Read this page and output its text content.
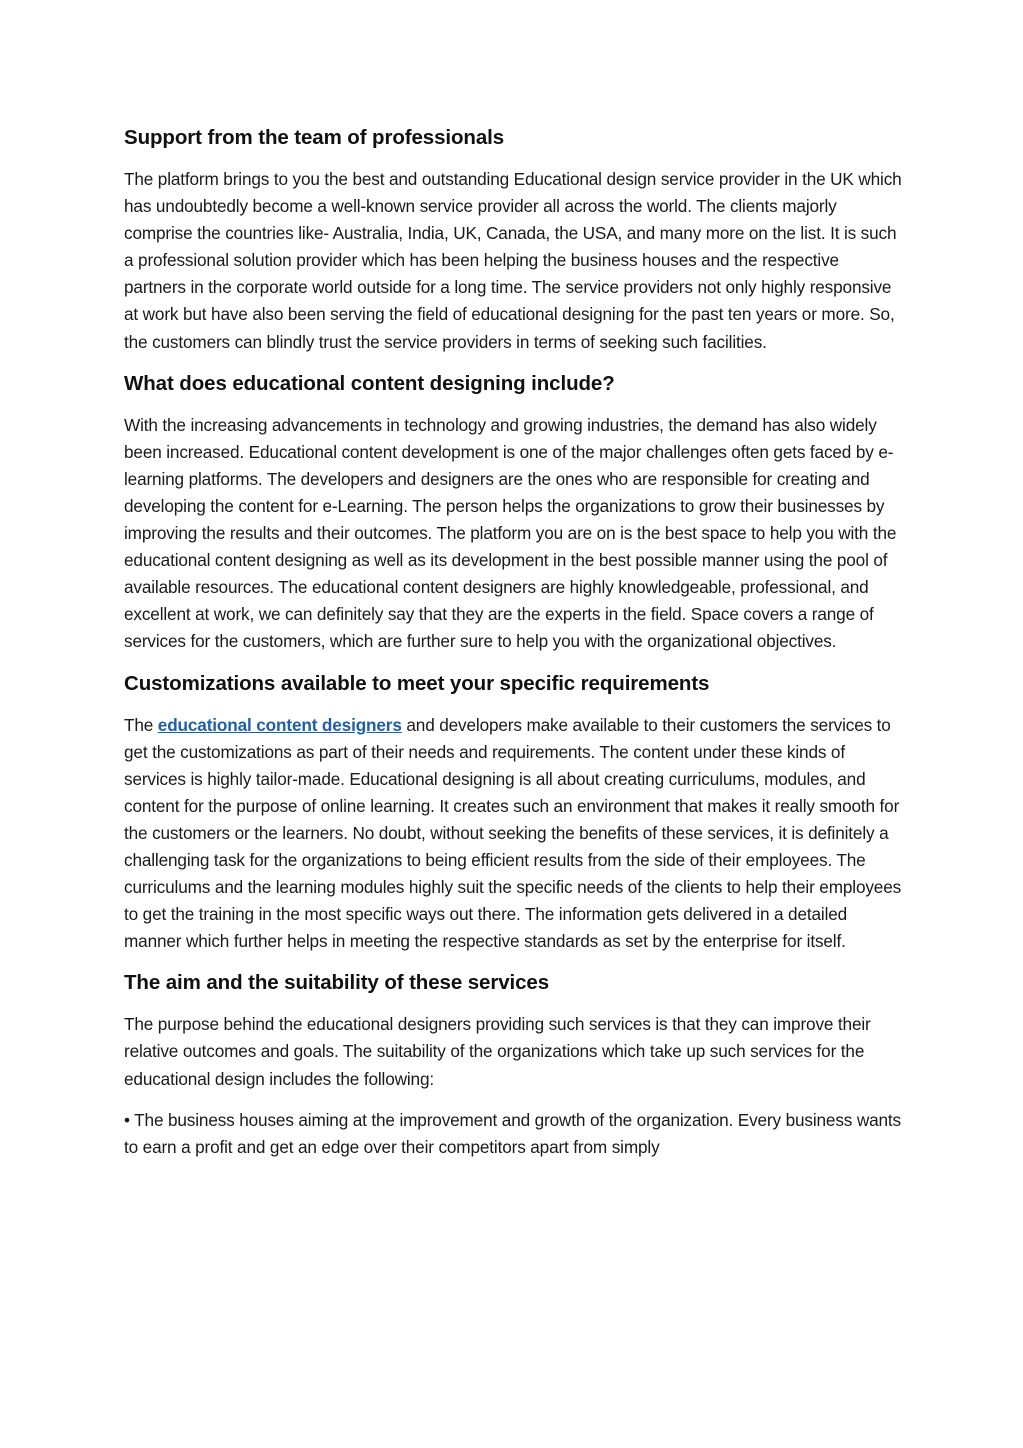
Support from the team of professionals

The platform brings to you the best and outstanding Educational design service provider in the UK which has undoubtedly become a well-known service provider all across the world. The clients majorly comprise the countries like- Australia, India, UK, Canada, the USA, and many more on the list. It is such a professional solution provider which has been helping the business houses and the respective partners in the corporate world outside for a long time. The service providers not only highly responsive at work but have also been serving the field of educational designing for the past ten years or more. So, the customers can blindly trust the service providers in terms of seeking such facilities.

What does educational content designing include?

With the increasing advancements in technology and growing industries, the demand has also widely been increased. Educational content development is one of the major challenges often gets faced by e-learning platforms. The developers and designers are the ones who are responsible for creating and developing the content for e-Learning. The person helps the organizations to grow their businesses by improving the results and their outcomes. The platform you are on is the best space to help you with the educational content designing as well as its development in the best possible manner using the pool of available resources. The educational content designers are highly knowledgeable, professional, and excellent at work, we can definitely say that they are the experts in the field. Space covers a range of services for the customers, which are further sure to help you with the organizational objectives.

Customizations available to meet your specific requirements

The educational content designers and developers make available to their customers the services to get the customizations as part of their needs and requirements. The content under these kinds of services is highly tailor-made. Educational designing is all about creating curriculums, modules, and content for the purpose of online learning. It creates such an environment that makes it really smooth for the customers or the learners. No doubt, without seeking the benefits of these services, it is definitely a challenging task for the organizations to being efficient results from the side of their employees. The curriculums and the learning modules highly suit the specific needs of the clients to help their employees to get the training in the most specific ways out there. The information gets delivered in a detailed manner which further helps in meeting the respective standards as set by the enterprise for itself.

The aim and the suitability of these services

The purpose behind the educational designers providing such services is that they can improve their relative outcomes and goals. The suitability of the organizations which take up such services for the educational design includes the following:

• The business houses aiming at the improvement and growth of the organization. Every business wants to earn a profit and get an edge over their competitors apart from simply
